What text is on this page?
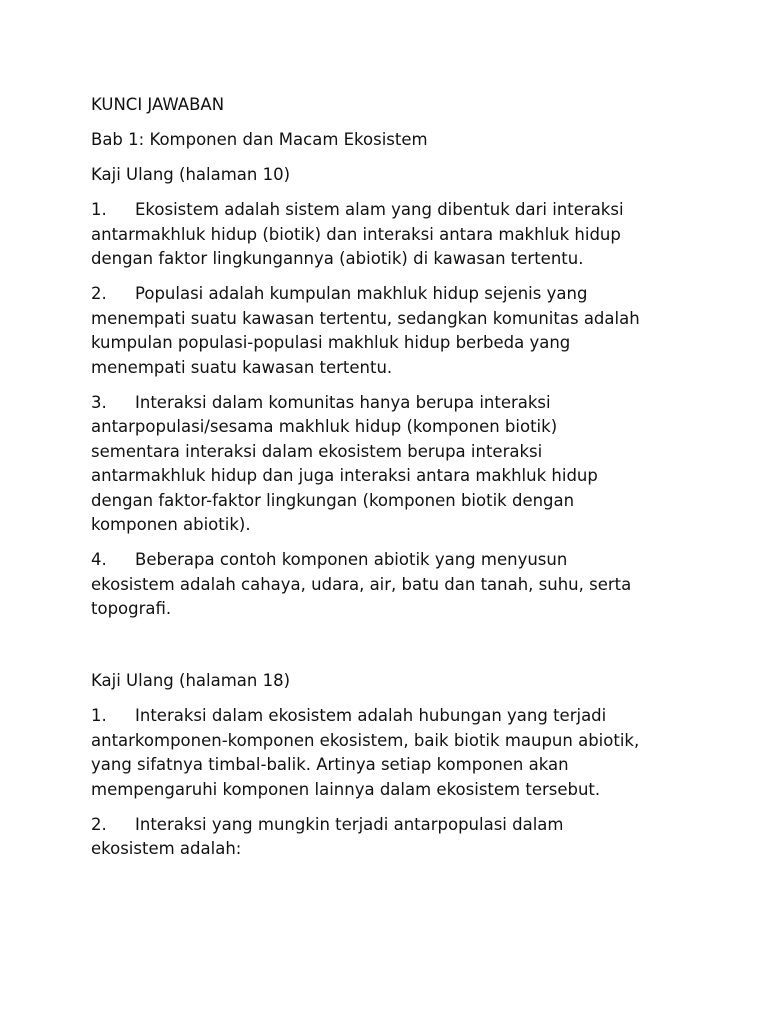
KUNCI JAWABAN

Bab 1: Komponen dan Macam Ekosistem

Kaji Ulang (halaman 10)

1. Ekosistem adalah sistem alam yang dibentuk dari interaksi
antarmakhluk hidup (biotik) dan interaksi antara makhluk hidup
dengan faktor lingkungannya (abiotik) di kawasan tertentu.
2. Populasi adalah kumpulan makhluk hidup sejenis yang
menempati suatu kawasan tertentu, sedangkan komunitas adalah
kumpulan populasi-populasi makhluk hidup berbeda yang
menempati suatu kawasan tertentu.
3. Interaksi dalam komunitas hanya berupa interaksi
antarpopulasi/sesama makhluk hidup (komponen biotik)
sementara interaksi dalam ekosistem berupa interaksi
antarmakhluk hidup dan juga interaksi antara makhluk hidup
dengan faktor-faktor lingkungan (komponen biotik dengan
komponen abiotik).
4. Beberapa contoh komponen abiotik yang menyusun
ekosistem adalah cahaya, udara, air, batu dan tanah, suhu, serta
topografi.

Kaji Ulang (halaman 18)

1. Interaksi dalam ekosistem adalah hubungan yang terjadi
antarkomponen-komponen ekosistem, baik biotik maupun abiotik,
yang sifatnya timbal-balik. Artinya setiap komponen akan
mempengaruhi komponen lainnya dalam ekosistem tersebut.
2. Interaksi yang mungkin terjadi antarpopulasi dalam
ekosistem adalah:
